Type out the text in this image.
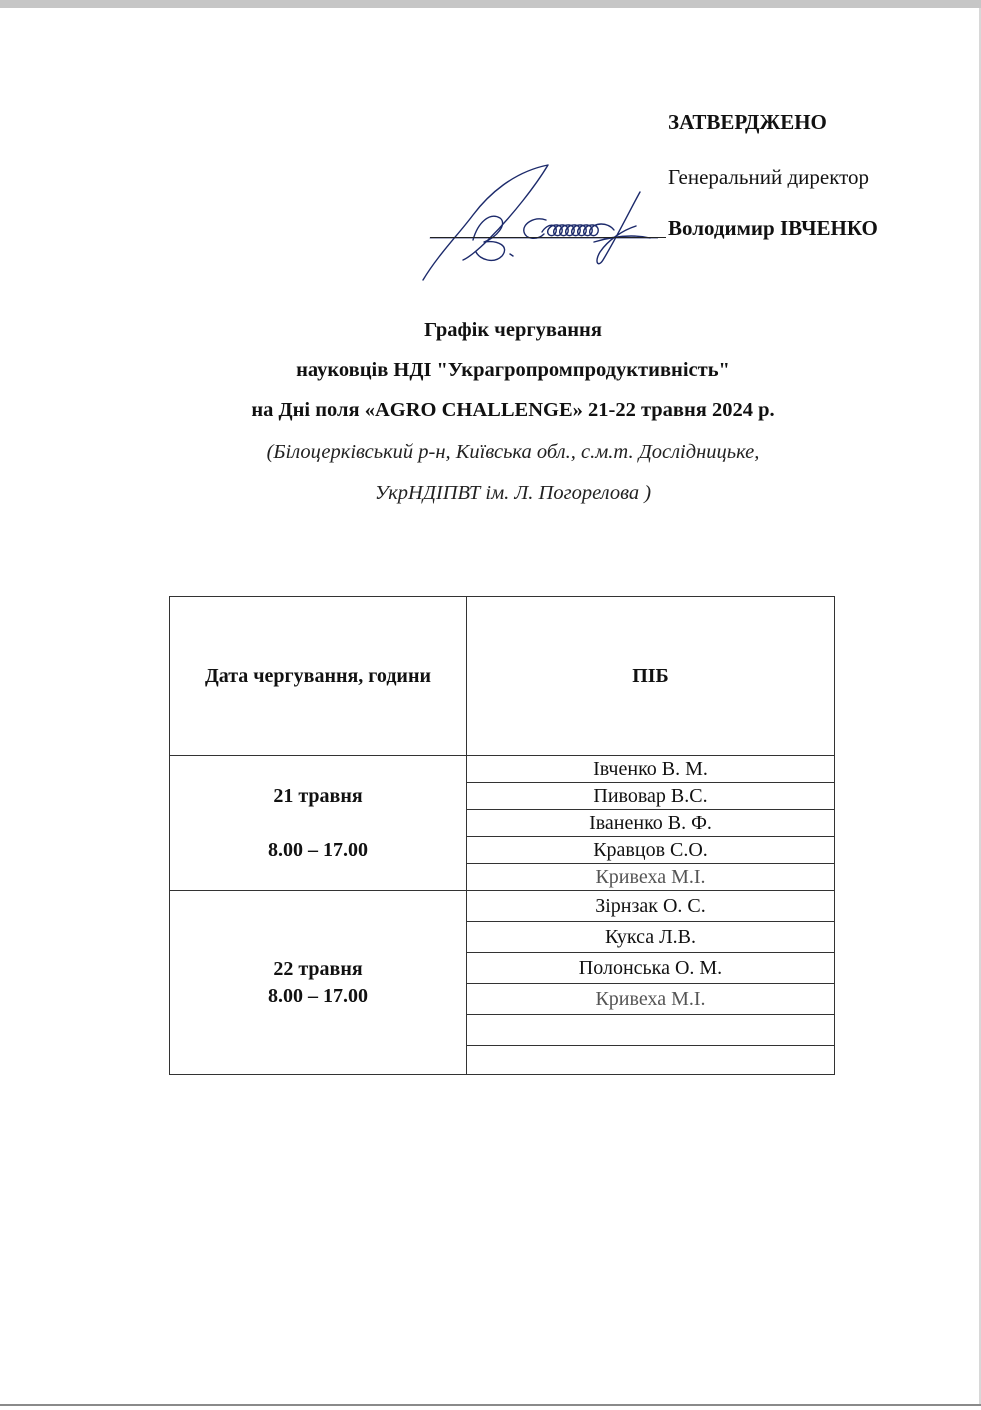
ЗАТВЕРДЖЕНО
Генеральний директор
Володимир ІВЧЕНКО
Графік чергування
науковців НДІ "Украгропромпродуктивність"
на Дні поля «AGRO CHALLENGE» 21-22 травня 2024 р.
(Білоцерківський р-н, Київська обл., с.м.т. Дослідницьке,
УкрНДІПВТ ім. Л. Погорелова )
Дата чергування, години	ПІБ
21 травня
8.00 – 17.00	Івченко В. М.
	Пивовар В.С.
	Іваненко В. Ф.
	Кравцов С.О.
	Кривеха М.І.
22 травня
8.00 – 17.00	Зірнзак О. С.
	Кукса Л.В.
	Полонська О. М.
	Кривеха М.І.
